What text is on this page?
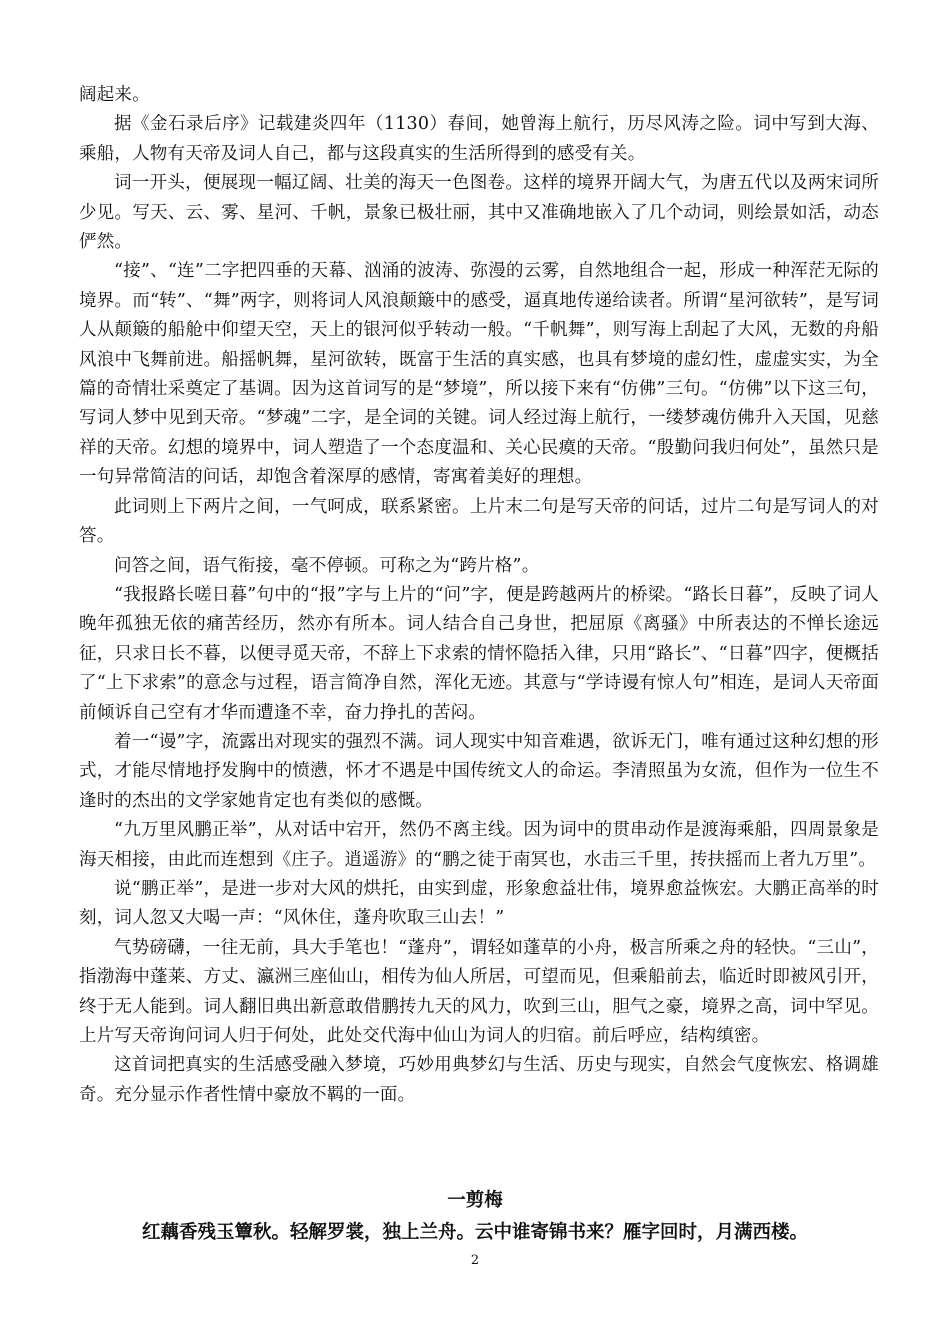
阔起来。

据《金石录后序》记载建炎四年（1130）春间，她曾海上航行，历尽风涛之险。词中写到大海、乘船，人物有天帝及词人自己，都与这段真实的生活所得到的感受有关。

词一开头，便展现一幅辽阔、壮美的海天一色图卷。这样的境界开阔大气，为唐五代以及两宋词所少见。写天、云、雾、星河、千帆，景象已极壮丽，其中又准确地嵌入了几个动词，则绘景如活，动态俨然。

“接”、“连”二字把四垂的天幕、汹涌的波涛、弥漫的云雾，自然地组合一起，形成一种浑茫无际的境界。而“转”、“舞”两字，则将词人风浪颠簸中的感受，逼真地传递给读者。所谓“星河欲转”，是写词人从颠簸的船舱中仰望天空，天上的银河似乎转动一般。“千帆舞”，则写海上刮起了大风，无数的舟船风浪中飞舞前进。船摇帆舞，星河欲转，既富于生活的真实感，也具有梦境的虚幻性，虚虚实实，为全篇的奇情壮采奠定了基调。因为这首词写的是“梦境”，所以接下来有“仿佛”三句。“仿佛”以下这三句，写词人梦中见到天帝。“梦魂”二字，是全词的关键。词人经过海上航行，一缕梦魂仿佛升入天国，见慈祥的天帝。幻想的境界中，词人塑造了一个态度温和、关心民瘼的天帝。“殷勤问我归何处”，虽然只是一句异常简洁的问话，却饱含着深厚的感情，寄寓着美好的理想。

此词则上下两片之间，一气呵成，联系紧密。上片末二句是写天帝的问话，过片二句是写词人的对答。

问答之间，语气衔接，毫不停顿。可称之为“跨片格”。

“我报路长嗟日暮”句中的“报”字与上片的“问”字，便是跨越两片的桥梁。“路长日暮”，反映了词人晚年孤独无依的痛苦经历，然亦有所本。词人结合自己身世，把屈原《离骚》中所表达的不惮长途远征，只求日长不暮，以便寻觅天帝，不辞上下求索的情怀隐括入律，只用“路长”、“日暮”四字，便概括了“上下求索”的意念与过程，语言简净自然，浑化无迹。其意与“学诗谩有惊人句”相连，是词人天帝面前倾诉自己空有才华而遭逢不幸，奋力挣扎的苦闷。

着一“谩”字，流露出对现实的强烈不满。词人现实中知音难遇，欲诉无门，唯有通过这种幻想的形式，才能尽情地抒发胸中的愤懑，怀才不遇是中国传统文人的命运。李清照虽为女流，但作为一位生不逢时的杰出的文学家她肯定也有类似的感慨。

“九万里风鹏正举”，从对话中宕开，然仍不离主线。因为词中的贯串动作是渡海乘船，四周景象是海天相接，由此而连想到《庄子。逍遥游》的“鹏之徒于南冥也，水击三千里，抟扶摇而上者九万里”。

说“鹏正举”，是进一步对大风的烘托，由实到虚，形象愈益壮伟，境界愈益恢宏。大鹏正高举的时刻，词人忽又大喝一声：“风休住，蓬舟吹取三山去！”

气势磅礴，一往无前，具大手笔也！“蓬舟”，谓轻如蓬草的小舟，极言所乘之舟的轻快。“三山”，指渤海中蓬莱、方丈、瀛洲三座仙山，相传为仙人所居，可望而见，但乘船前去，临近时即被风引开，终于无人能到。词人翻旧典出新意敢借鹏抟九天的风力，吹到三山，胆气之豪，境界之高，词中罕见。上片写天帝询问词人归于何处，此处交代海中仙山为词人的归宿。前后呼应，结构缜密。

这首词把真实的生活感受融入梦境，巧妙用典梦幻与生活、历史与现实，自然会气度恢宏、格调雄奇。充分显示作者性情中豪放不羁的一面。

一剪梅

红藕香残玉簟秋。轻解罗裳，独上兰舟。云中谁寄锦书来？雁字回时，月满西楼。

2
